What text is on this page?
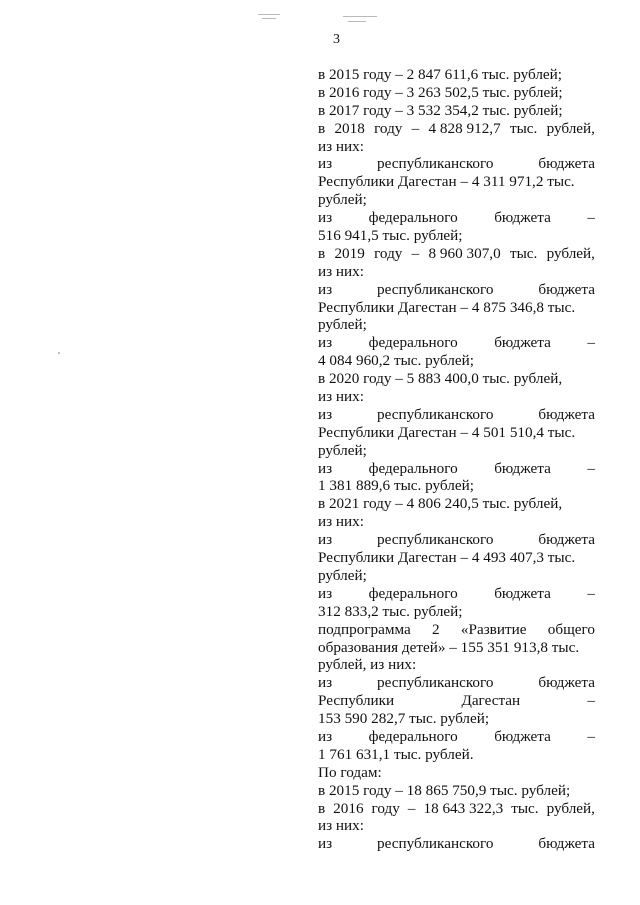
3
в 2015 году – 2 847 611,6 тыс. рублей;
в 2016 году – 3 263 502,5 тыс. рублей;
в 2017 году – 3 532 354,2 тыс. рублей;
в 2018 году – 4 828 912,7 тыс. рублей,
из них:
из	республиканского	бюджета
Республики Дагестан – 4 311 971,2 тыс.
рублей;
из федерального бюджета –
516 941,5 тыс. рублей;
в 2019 году – 8 960 307,0 тыс. рублей,
из них:
из	республиканского	бюджета
Республики Дагестан – 4 875 346,8 тыс.
рублей;
из федерального бюджета –
4 084 960,2 тыс. рублей;
в 2020 году – 5 883 400,0 тыс. рублей,
из них:
из	республиканского	бюджета
Республики Дагестан – 4 501 510,4 тыс.
рублей;
из федерального бюджета –
1 381 889,6 тыс. рублей;
в 2021 году – 4 806 240,5 тыс. рублей,
из них:
из	республиканского	бюджета
Республики Дагестан – 4 493 407,3 тыс.
рублей;
из федерального бюджета –
312 833,2 тыс. рублей;
подпрограмма 2 «Развитие общего
образования детей» – 155 351 913,8 тыс.
рублей, из них:
из	республиканского	бюджета
Республики	Дагестан	–
153 590 282,7 тыс. рублей;
из федерального бюджета –
1 761 631,1 тыс. рублей.
По годам:
в 2015 году – 18 865 750,9 тыс. рублей;
в 2016 году – 18 643 322,3 тыс. рублей,
из них:
из	республиканского	бюджета
